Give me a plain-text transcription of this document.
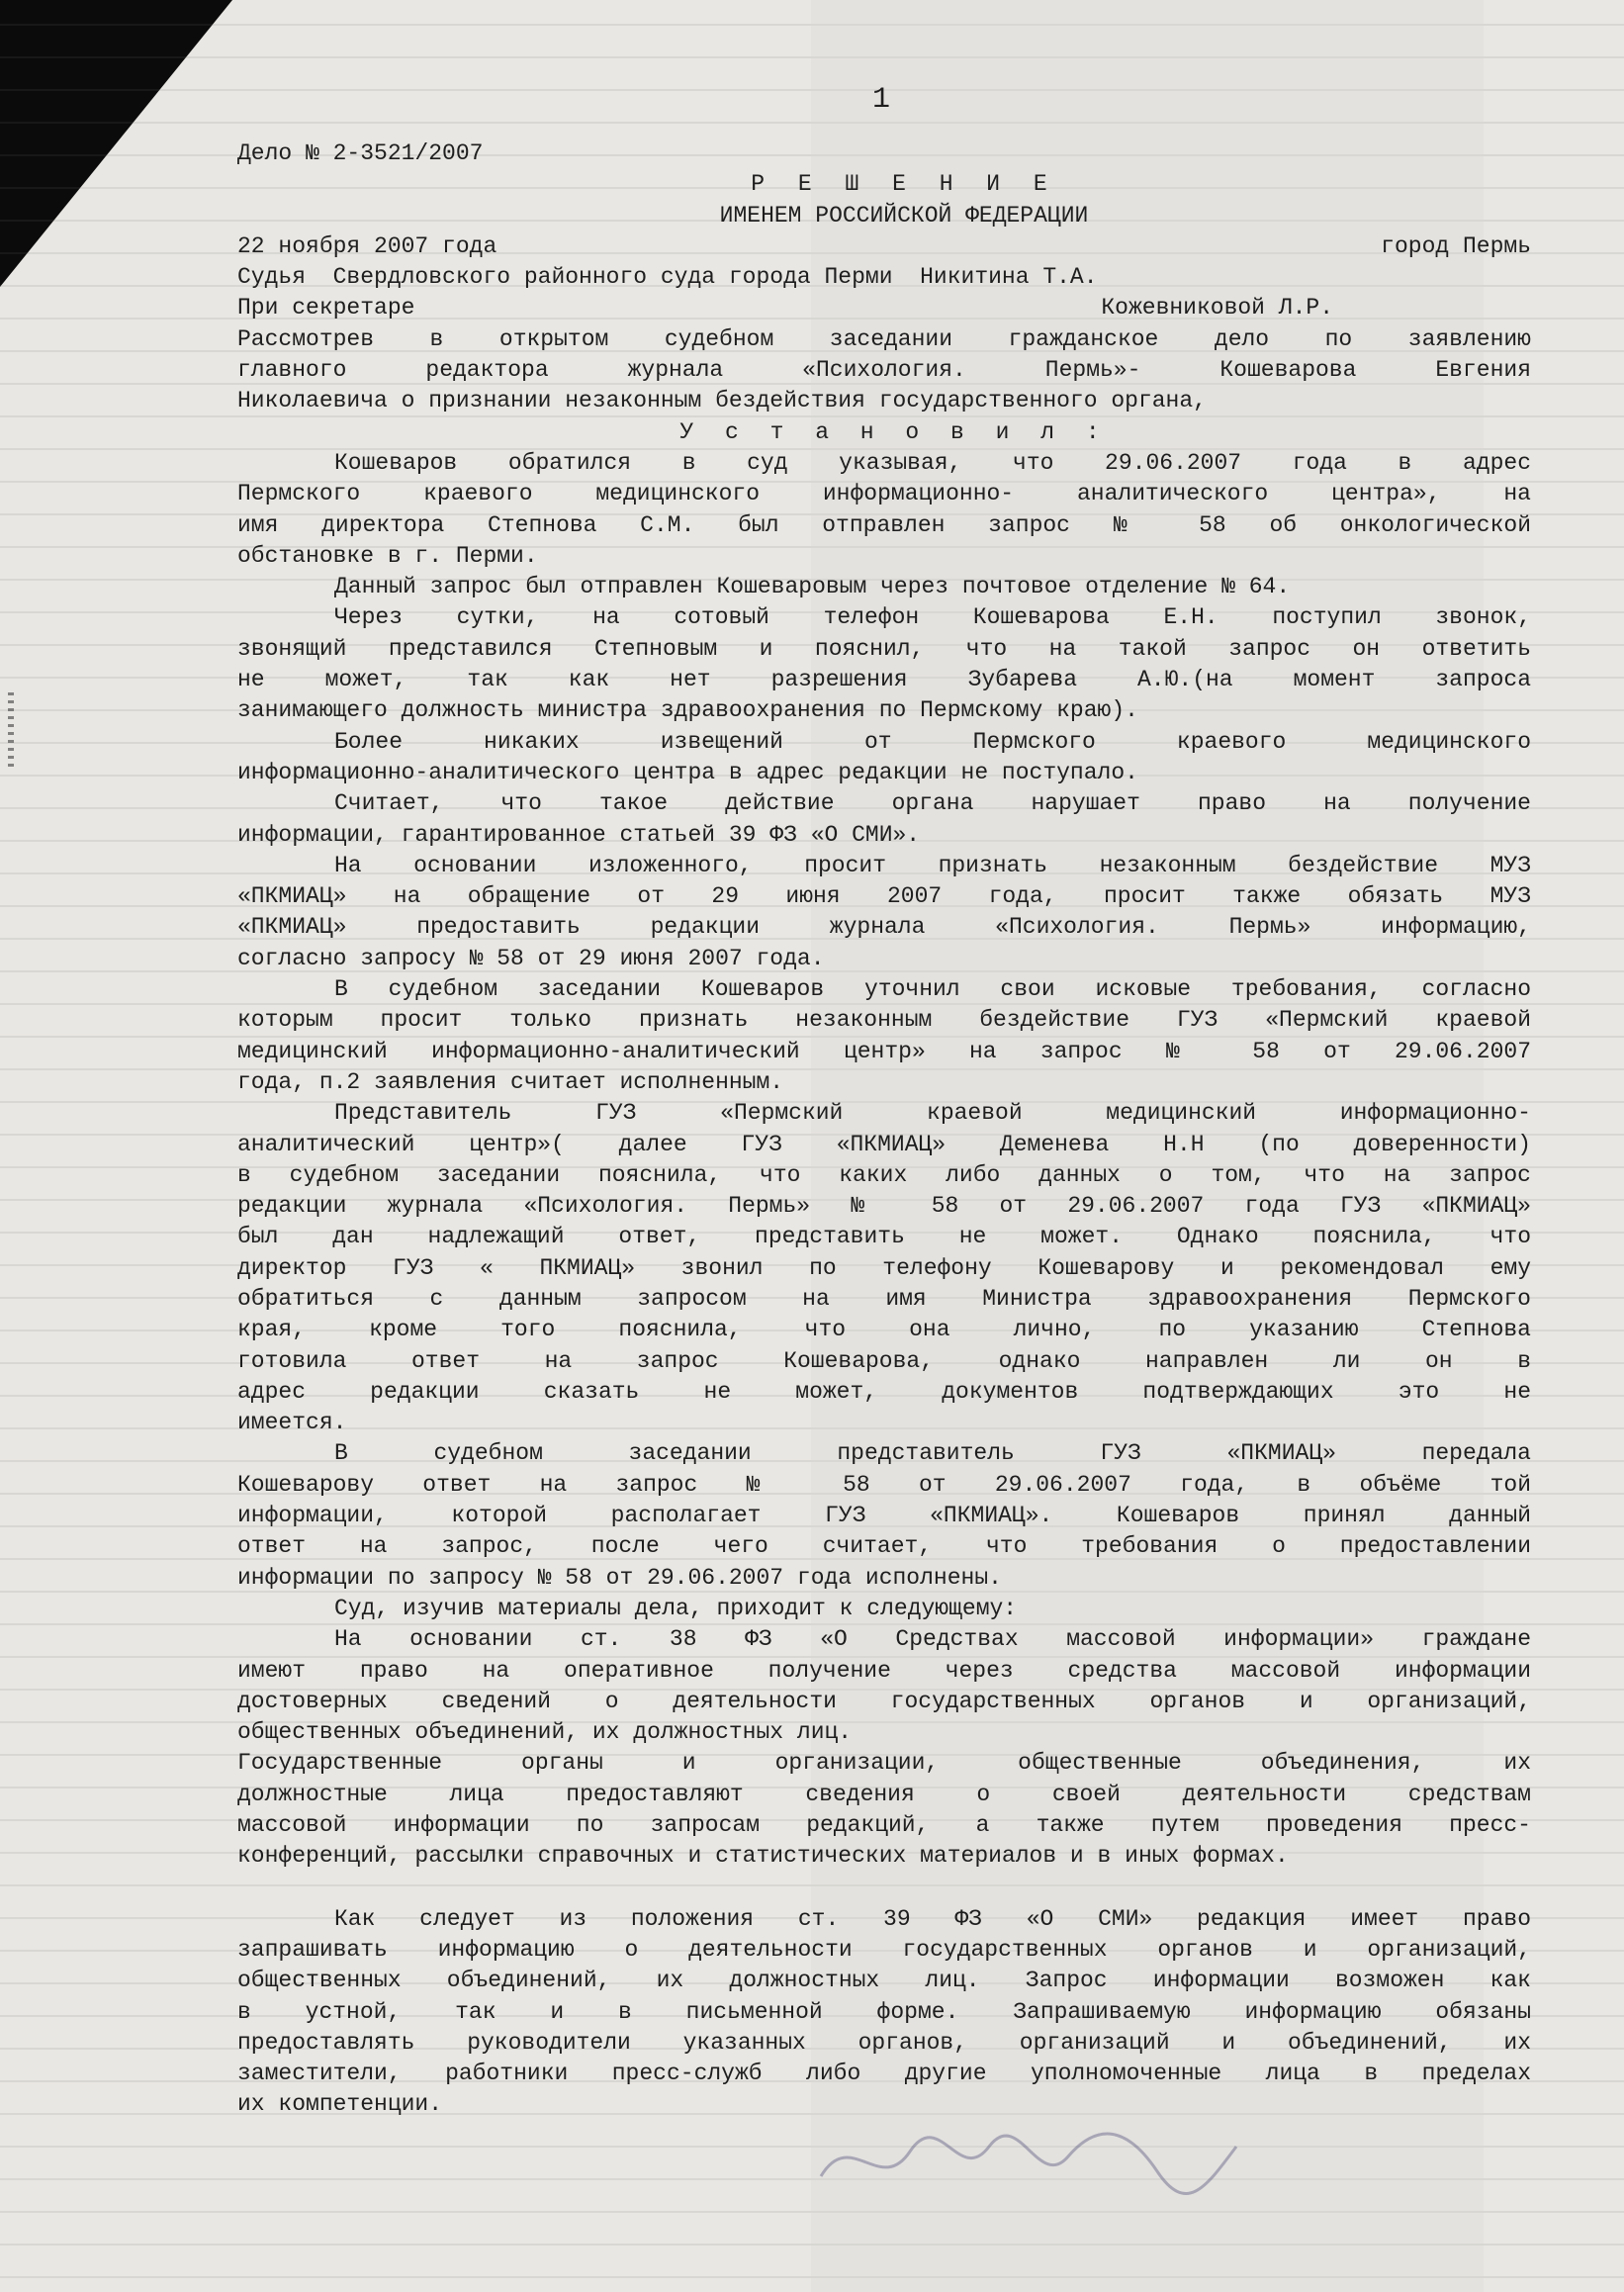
1
Дело № 2-3521/2007
Р Е Ш Е Н И Е
ИМЕНЕМ РОССИЙСКОЙ ФЕДЕРАЦИИ
22 ноября 2007 года	город Пермь
Судья  Свердловского районного суда города Перми  Никитина Т.А.
При секретаре	Кожевниковой Л.Р.
Рассмотрев в открытом судебном заседании гражданское дело по заявлению
главного редактора журнала «Психология. Пермь»- Кошеварова Евгения
Николаевича о признании незаконным бездействия государственного органа,
У с т а н о в и л :
Кошеваров обратился в суд указывая, что 29.06.2007 года в адрес
Пермского краевого медицинского информационно- аналитического центра», на
имя директора Степнова С.М. был отправлен запрос № 58 об онкологической
обстановке в г. Перми.
Данный запрос был отправлен Кошеваровым через почтовое отделение № 64.
Через сутки, на сотовый телефон Кошеварова Е.Н. поступил звонок,
звонящий представился Степновым и пояснил, что на такой запрос он ответить
не может, так как нет разрешения Зубарева А.Ю.(на момент запроса
занимающего должность министра здравоохранения по Пермскому краю).
Более никаких извещений от Пермского краевого медицинского
информационно-аналитического центра в адрес редакции не поступало.
Считает, что такое действие органа нарушает право на получение
информации, гарантированное статьей 39 ФЗ «О СМИ».
На основании изложенного, просит признать незаконным бездействие МУЗ
«ПКМИАЦ» на обращение от 29 июня 2007 года, просит также обязать МУЗ
«ПКМИАЦ» предоставить редакции журнала «Психология. Пермь» информацию,
согласно запросу № 58 от 29 июня 2007 года.
В судебном заседании Кошеваров уточнил свои исковые требования, согласно
которым просит только признать незаконным бездействие ГУЗ «Пермский краевой
медицинский информационно-аналитический центр» на запрос № 58 от 29.06.2007
года, п.2 заявления считает исполненным.
Представитель ГУЗ «Пермский краевой медицинский информационно-
аналитический центр»( далее ГУЗ «ПКМИАЦ» Деменева Н.Н (по доверенности)
в судебном заседании пояснила, что каких либо данных о том, что на запрос
редакции журнала «Психология. Пермь» № 58 от 29.06.2007 года ГУЗ «ПКМИАЦ»
был дан надлежащий ответ, представить не может. Однако пояснила, что
директор ГУЗ « ПКМИАЦ» звонил по телефону Кошеварову и рекомендовал ему
обратиться с данным запросом на имя Министра здравоохранения Пермского
края, кроме того пояснила, что она лично, по указанию Степнова
готовила ответ на запрос Кошеварова, однако направлен ли он в
адрес редакции сказать не может, документов подтверждающих это не
имеется.
В судебном заседании представитель ГУЗ «ПКМИАЦ» передала
Кошеварову ответ на запрос № 58 от 29.06.2007 года, в объёме той
информации, которой располагает ГУЗ «ПКМИАЦ». Кошеваров принял данный
ответ на запрос, после чего считает, что требования о предоставлении
информации по запросу № 58 от 29.06.2007 года исполнены.
Суд, изучив материалы дела, приходит к следующему:
На основании ст. 38 ФЗ «О Средствах массовой информации» граждане
имеют право на оперативное получение через средства массовой информации
достоверных сведений о деятельности государственных органов и организаций,
общественных объединений, их должностных лиц.
Государственные органы и организации, общественные объединения, их
должностные лица предоставляют сведения о своей деятельности средствам
массовой информации по запросам редакций, а также путем проведения пресс-
конференций, рассылки справочных и статистических материалов и в иных формах.
Как следует из положения ст. 39 ФЗ «О СМИ» редакция имеет право
запрашивать информацию о деятельности государственных органов и организаций,
общественных объединений, их должностных лиц. Запрос информации возможен как
в устной, так и в письменной форме. Запрашиваемую информацию обязаны
предоставлять руководители указанных органов, организаций и объединений, их
заместители, работники пресс-служб либо другие уполномоченные лица в пределах
их компетенции.
